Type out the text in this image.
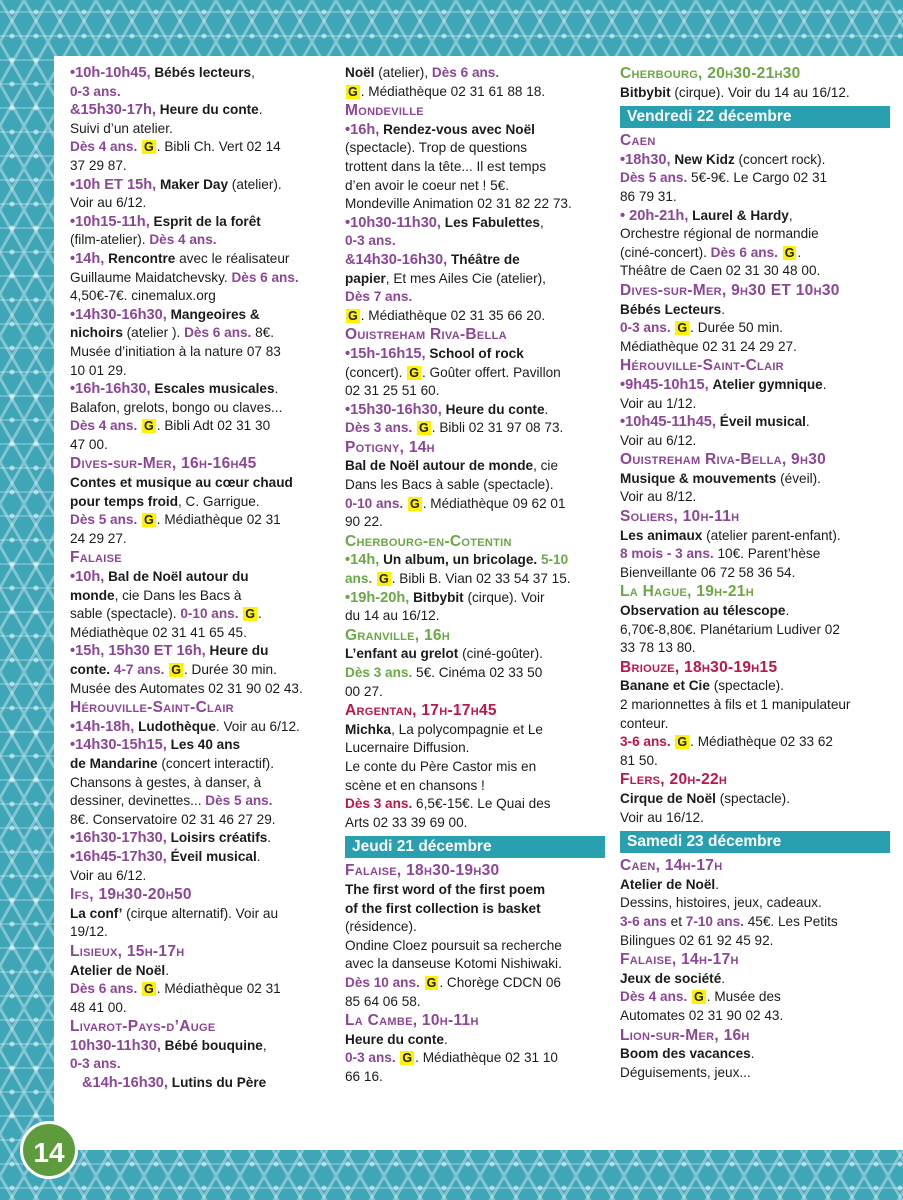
•10h-10h45, Bébés lecteurs,
0-3 ans.
&15h30-17h, Heure du conte.
Suivi d’un atelier.
Dès 4 ans. G . Bibli Ch. Vert 02 14
37 29 87.
•10h ET 15h, Maker Day (atelier).
Voir au 6/12.
•10h15-11h, Esprit de la forêt
(film-atelier). Dès 4 ans.
•14h, Rencontre avec le réalisateur
Guillaume Maidatchevsky. Dès 6 ans.
4,50€-7€. cinemalux.org
•14h30-16h30, Mangeoires &
nichoirs (atelier ). Dès 6 ans. 8€.
Musée d’initiation à la nature 07 83
10 01 29.
•16h-16h30, Escales musicales.
Balafon, grelots, bongo ou claves...
Dès 4 ans. G . Bibli Adt 02 31 30
47 00.
Dives-sur-Mer, 16h-16h45
Contes et musique au cœur chaud
pour temps froid, C. Garrigue.
Dès 5 ans. G . Médiathèque 02 31
24 29 27.
Falaise
•10h, Bal de Noël autour du
monde, cie Dans les Bacs à
sable (spectacle). 0-10 ans. G .
Médiathèque 02 31 41 65 45.
•15h, 15h30 ET 16h, Heure du
conte. 4-7 ans. G . Durée 30 min.
Musée des Automates 02 31 90 02 43.
Hérouville-Saint-Clair
•14h-18h, Ludothèque. Voir au 6/12.
•14h30-15h15, Les 40 ans
de Mandarine (concert interactif).
Chansons à gestes, à danser, à
dessiner, devinettes... Dès 5 ans.
8€. Conservatoire 02 31 46 27 29.
•16h30-17h30, Loisirs créatifs.
•16h45-17h30, Éveil musical.
Voir au 6/12.
Ifs, 19h30-20h50
La conf’ (cirque alternatif). Voir au
19/12.
Lisieux, 15h-17h
Atelier de Noël.
Dès 6 ans. G . Médiathèque 02 31
48 41 00.
Livarot-Pays-d’Auge
10h30-11h30, Bébé bouquine,
0-3 ans.
&14h-16h30, Lutins du Père
Noël (atelier), Dès 6 ans.
G . Médiathèque 02 31 61 88 18.
Mondeville
•16h, Rendez-vous avec Noël
(spectacle). Trop de questions
trottent dans la tête... Il est temps
d’en avoir le coeur net ! 5€.
Mondeville Animation 02 31 82 22 73.
•10h30-11h30, Les Fabulettes,
0-3 ans.
&14h30-16h30, Théâtre de
papier, Et mes Ailes Cie (atelier),
Dès 7 ans.
G . Médiathèque 02 31 35 66 20.
Ouistreham Riva-Bella
•15h-16h15, School of rock
(concert). G . Goûter offert. Pavillon
02 31 25 51 60.
•15h30-16h30, Heure du conte.
Dès 3 ans. G . Bibli 02 31 97 08 73.
Potigny, 14h
Bal de Noël autour de monde, cie
Dans les Bacs à sable (spectacle).
0-10 ans. G . Médiathèque 09 62 01
90 22.
Cherbourg-en-Cotentin
•14h, Un album, un bricolage. 5-10
ans. G . Bibli B. Vian 02 33 54 37 15.
•19h-20h, Bitbybit (cirque). Voir
du 14 au 16/12.
Granville, 16h
L’enfant au grelot (ciné-goûter).
Dès 3 ans. 5€. Cinéma 02 33 50
00 27.
Argentan, 17h-17h45
Michka, La polycompagnie et Le
Lucernaire Diffusion.
Le conte du Père Castor mis en
scène et en chansons !
Dès 3 ans. 6,5€-15€. Le Quai des
Arts 02 33 39 69 00.
Jeudi 21 décembre
Falaise, 18h30-19h30
The first word of the first poem
of the first collection is basket
(résidence).
Ondine Cloez poursuit sa recherche
avec la danseuse Kotomi Nishiwaki.
Dès 10 ans. G . Chorège CDCN 06
85 64 06 58.
La Cambe, 10h-11h
Heure du conte.
0-3 ans. G . Médiathèque 02 31 10
66 16.
Cherbourg, 20h30-21h30
Bitbybit (cirque). Voir du 14 au 16/12.
Vendredi 22 décembre
Caen
•18h30, New Kidz (concert rock).
Dès 5 ans. 5€-9€. Le Cargo 02 31
86 79 31.
• 20h-21h, Laurel & Hardy,
Orchestre régional de normandie
(ciné-concert). Dès 6 ans. G .
Théâtre de Caen 02 31 30 48 00.
Dives-sur-Mer, 9h30 ET 10h30
Bébés Lecteurs.
0-3 ans. G . Durée 50 min.
Médiathèque 02 31 24 29 27.
Hérouville-Saint-Clair
•9h45-10h15, Atelier gymnique.
Voir au 1/12.
•10h45-11h45, Éveil musical.
Voir au 6/12.
Ouistreham Riva-Bella, 9h30
Musique & mouvements (éveil).
Voir au 8/12.
Soliers, 10h-11h
Les animaux (atelier parent-enfant).
8 mois - 3 ans. 10€. Parent’hèse
Bienveillante 06 72 58 36 54.
La Hague, 19h-21h
Observation au télescope.
6,70€-8,80€. Planétarium Ludiver 02
33 78 13 80.
Briouze, 18h30-19h15
Banane et Cie (spectacle).
2 marionnettes à fils et 1 manipulateur
conteur.
3-6 ans. G . Médiathèque 02 33 62
81 50.
Flers, 20h-22h
Cirque de Noël (spectacle).
Voir au 16/12.
Samedi 23 décembre
Caen, 14h-17h
Atelier de Noël.
Dessins, histoires, jeux, cadeaux.
3-6 ans et 7-10 ans. 45€. Les Petits
Bilingues 02 61 92 45 92.
Falaise, 14h-17h
Jeux de société.
Dès 4 ans. G . Musée des
Automates 02 31 90 02 43.
Lion-sur-Mer, 16h
Boom des vacances.
Déguisements, jeux...
14
